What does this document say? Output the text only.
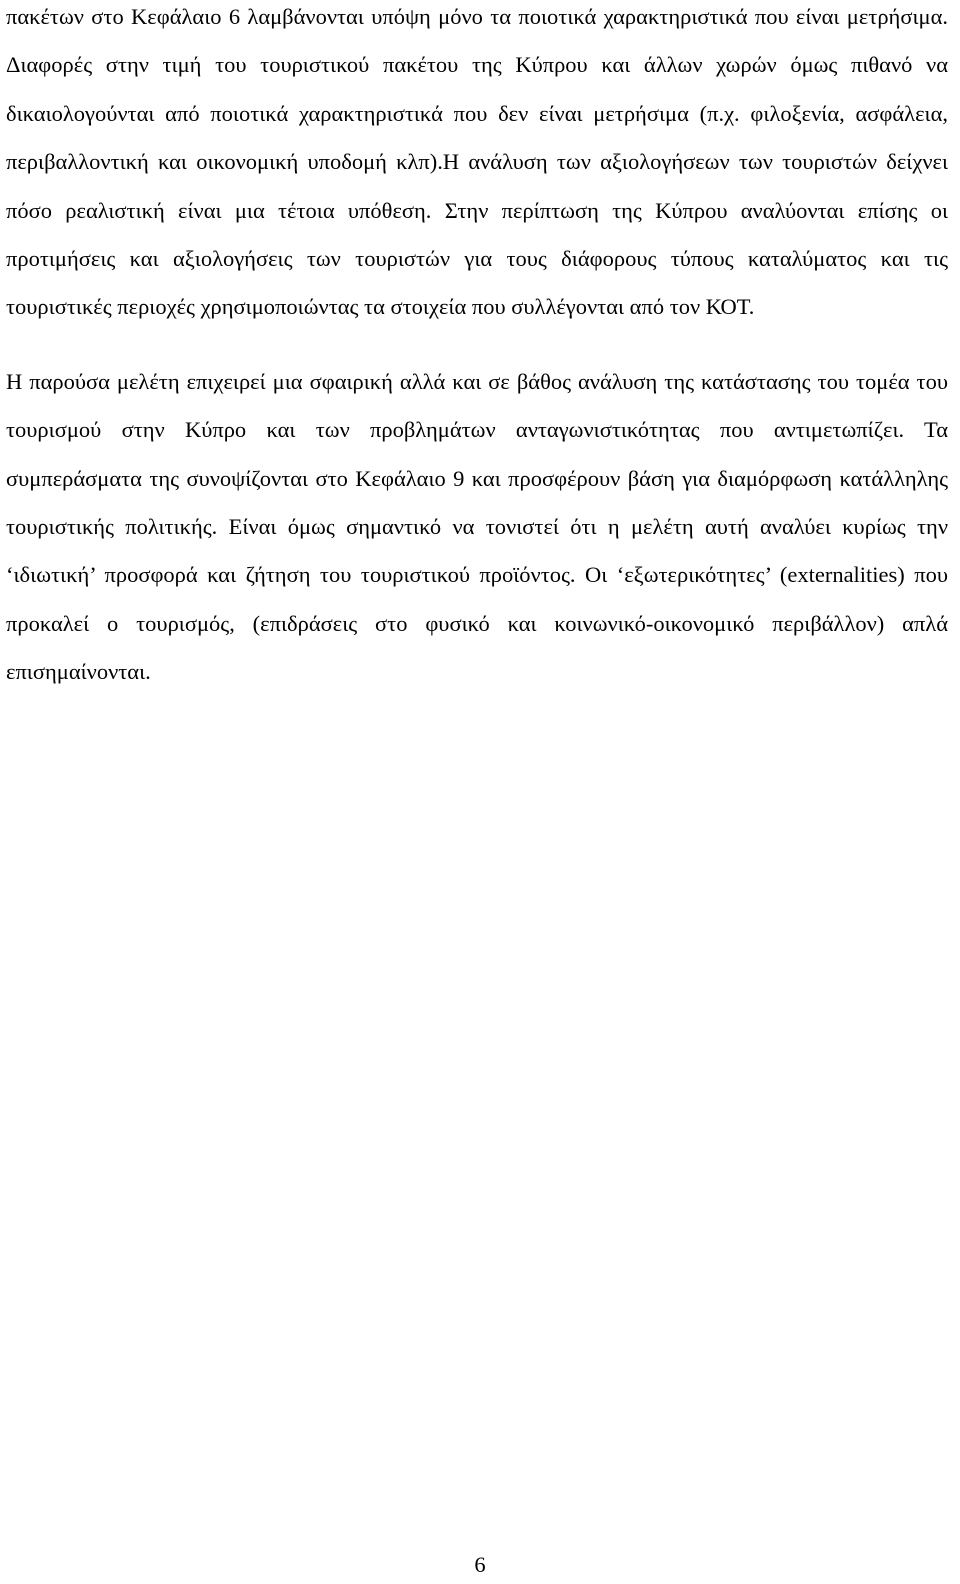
πακέτων στο Κεφάλαιο 6 λαμβάνονται υπόψη μόνο τα ποιοτικά χαρακτηριστικά που είναι μετρήσιμα. Διαφορές στην τιμή του τουριστικού πακέτου της Κύπρου και άλλων χωρών όμως πιθανό να δικαιολογούνται από ποιοτικά χαρακτηριστικά που δεν είναι μετρήσιμα (π.χ. φιλοξενία, ασφάλεια, περιβαλλοντική και οικονομική υποδομή κλπ).Η ανάλυση των αξιολογήσεων των τουριστών δείχνει πόσο ρεαλιστική είναι μια τέτοια υπόθεση. Στην περίπτωση της Κύπρου αναλύονται επίσης οι προτιμήσεις και αξιολογήσεις των τουριστών για τους διάφορους τύπους καταλύματος και τις τουριστικές περιοχές χρησιμοποιώντας τα στοιχεία που συλλέγονται από τον ΚΟΤ.

Η παρούσα μελέτη επιχειρεί μια σφαιρική αλλά και σε βάθος ανάλυση της κατάστασης του τομέα του τουρισμού στην Κύπρο και των προβλημάτων ανταγωνιστικότητας που αντιμετωπίζει. Τα συμπεράσματα της συνοψίζονται στο Κεφάλαιο 9 και προσφέρουν βάση για διαμόρφωση κατάλληλης τουριστικής πολιτικής. Είναι όμως σημαντικό να τονιστεί ότι η μελέτη αυτή αναλύει κυρίως την ‘ιδιωτική’ προσφορά και ζήτηση του τουριστικού προϊόντος. Οι ‘εξωτερικότητες’ (externalities) που προκαλεί ο τουρισμός, (επιδράσεις στο φυσικό και κοινωνικό-οικονομικό περιβάλλον) απλά επισημαίνονται.

6
